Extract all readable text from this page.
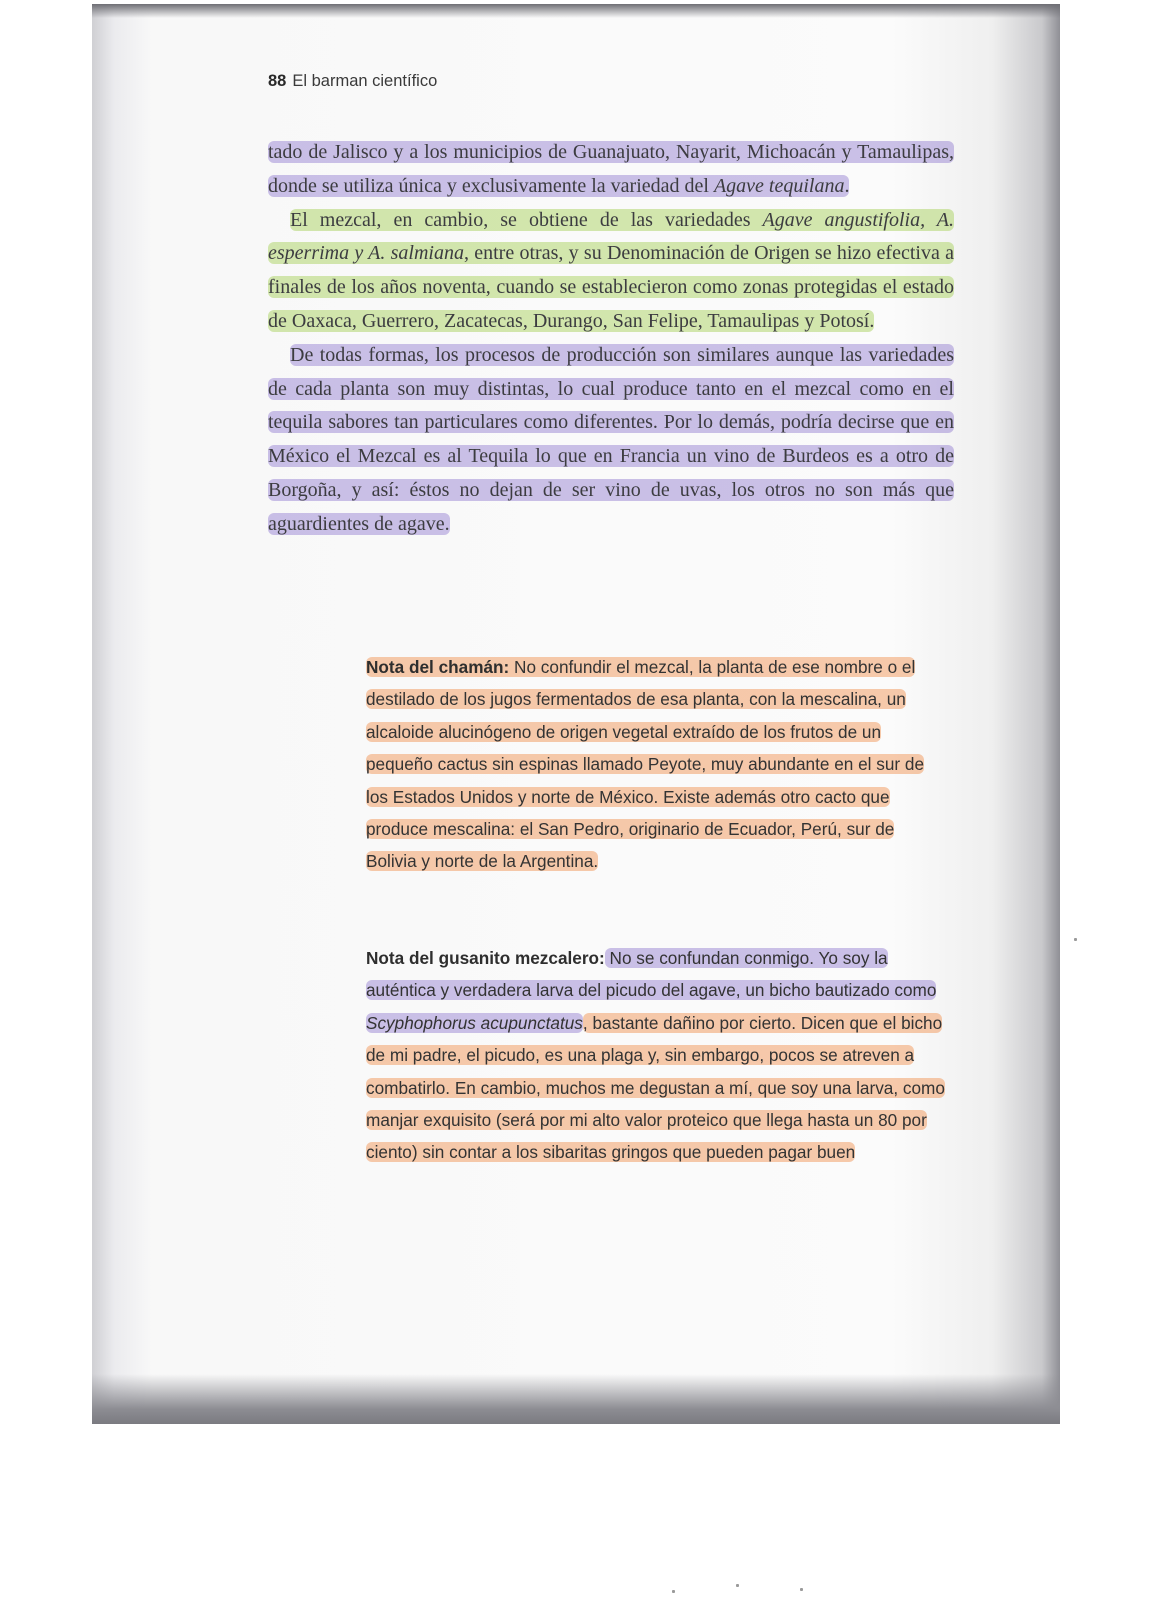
88 El barman científico

tado de Jalisco y a los municipios de Guanajuato, Nayarit, Michoacán y Tamaulipas, donde se utiliza única y exclusivamente la variedad del Agave tequilana.

El mezcal, en cambio, se obtiene de las variedades Agave angustifolia, A. esperrima y A. salmiana, entre otras, y su Denominación de Origen se hizo efectiva a finales de los años noventa, cuando se establecieron como zonas protegidas el estado de Oaxaca, Guerrero, Zacatecas, Durango, San Felipe, Tamaulipas y Potosí.

De todas formas, los procesos de producción son similares aunque las variedades de cada planta son muy distintas, lo cual produce tanto en el mezcal como en el tequila sabores tan particulares como diferentes. Por lo demás, podría decirse que en México el Mezcal es al Tequila lo que en Francia un vino de Burdeos es a otro de Borgoña, y así: éstos no dejan de ser vino de uvas, los otros no son más que aguardientes de agave.

Nota del chamán: No confundir el mezcal, la planta de ese nombre o el destilado de los jugos fermentados de esa planta, con la mescalina, un alcaloide alucinógeno de origen vegetal extraído de los frutos de un pequeño cactus sin espinas llamado Peyote, muy abundante en el sur de los Estados Unidos y norte de México. Existe además otro cacto que produce mescalina: el San Pedro, originario de Ecuador, Perú, sur de Bolivia y norte de la Argentina.

Nota del gusanito mezcalero: No se confundan conmigo. Yo soy la auténtica y verdadera larva del picudo del agave, un bicho bautizado como Scyphophorus acupunctatus, bastante dañino por cierto. Dicen que el bicho de mi padre, el picudo, es una plaga y, sin embargo, pocos se atreven a combatirlo. En cambio, muchos me degustan a mí, que soy una larva, como manjar exquisito (será por mi alto valor proteico que llega hasta un 80 por ciento) sin contar a los sibaritas gringos que pueden pagar buen
